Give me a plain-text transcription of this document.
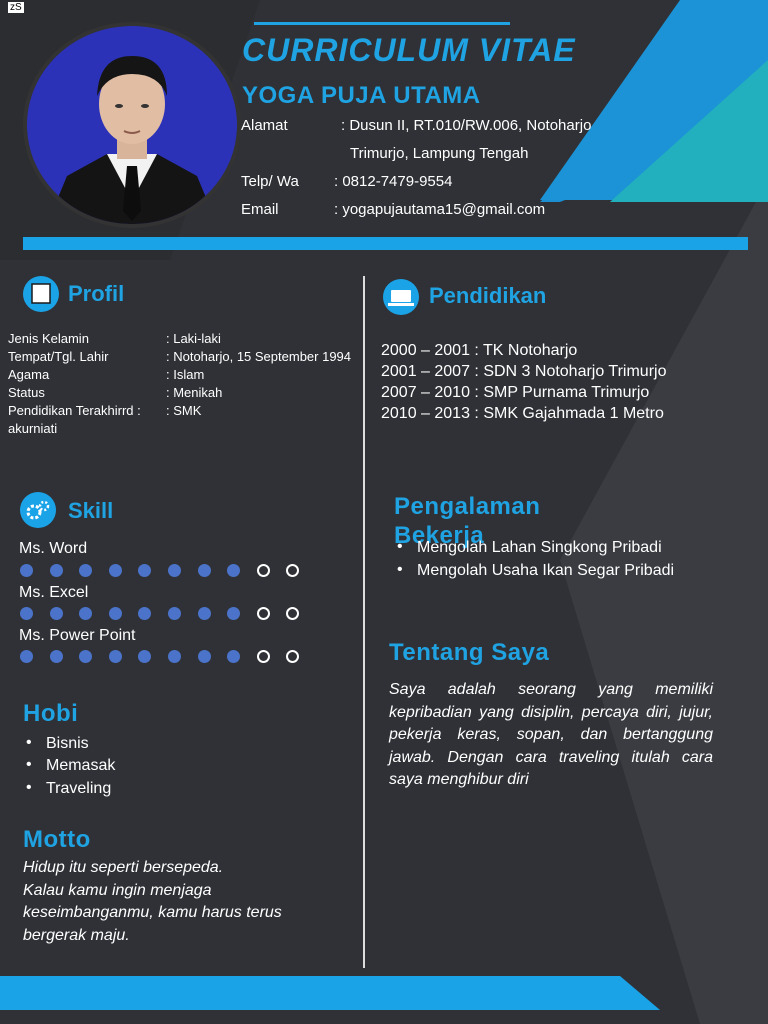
zS
CURRICULUM VITAE
YOGA PUJA UTAMA
Alamat	: Dusun II, RT.010/RW.006, Notoharjo
Trimurjo, Lampung Tengah
Telp/ Wa : 0812-7479-9554
Email	: yogapujautama15@gmail.com
Profil
Jenis Kelamin	: Laki-laki
Tempat/Tgl. Lahir	: Notoharjo, 15 September 1994
Agama	: Islam
Status	: Menikah
Pendidikan Terakhirrd : : SMK
akurniati
Pendidikan
2000 – 2001 : TK Notoharjo
2001 – 2007 : SDN 3 Notoharjo Trimurjo
2007 – 2010 : SMP Purnama Trimurjo
2010 – 2013 : SMK Gajahmada 1 Metro
Skill
Ms. Word
Ms. Excel
Ms. Power Point
Pengalaman
Bekerja
• Mengolah Lahan Singkong Pribadi
• Mengolah Usaha Ikan Segar Pribadi
Tentang Saya
Saya adalah seorang yang memiliki
kepribadian yang disiplin, percaya diri, jujur,
pekerja keras, sopan, dan bertanggung
jawab. Dengan cara traveling itulah cara
saya menghibur diri
Hobi
• Bisnis
• Memasak
• Traveling
Motto
Hidup itu seperti bersepeda.
Kalau kamu ingin menjaga
keseimbanganmu, kamu harus terus
bergerak maju.
